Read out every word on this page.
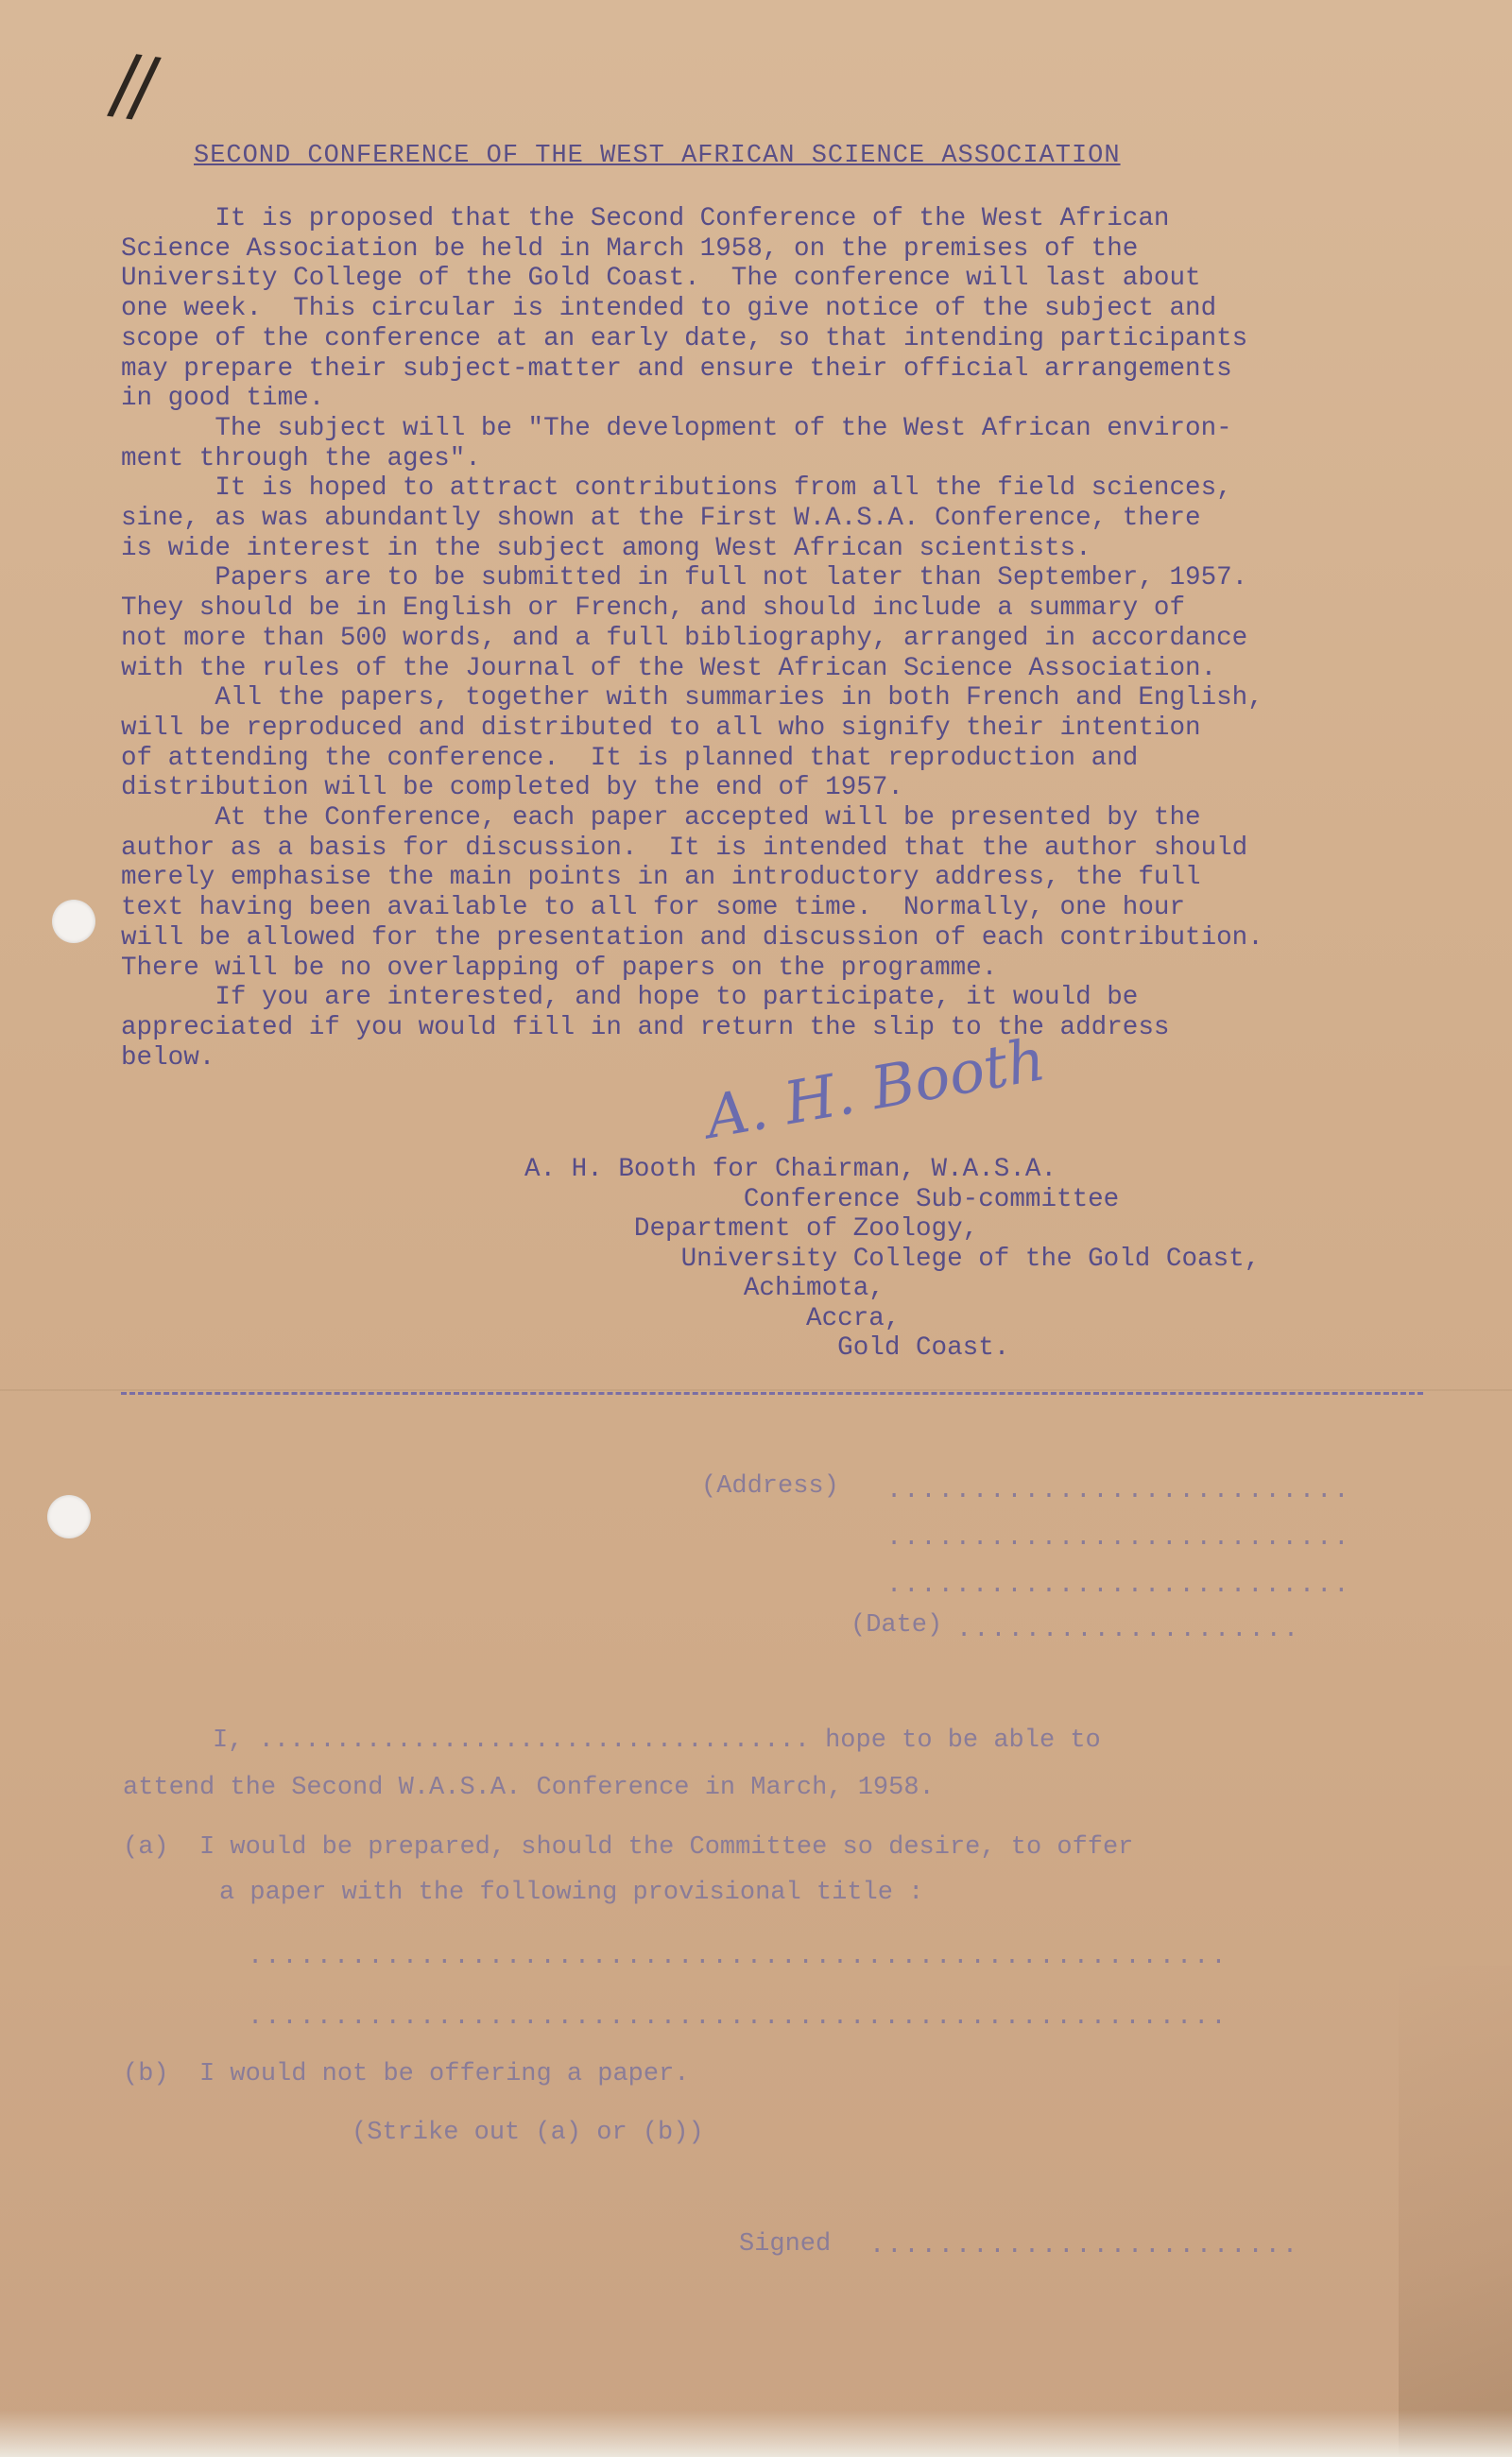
//
SECOND CONFERENCE OF THE WEST AFRICAN SCIENCE ASSOCIATION
It is proposed that the Second Conference of the West African
Science Association be held in March 1958, on the premises of the
University College of the Gold Coast.  The conference will last about
one week.  This circular is intended to give notice of the subject and
scope of the conference at an early date, so that intending participants
may prepare their subject-matter and ensure their official arrangements
in good time.
The subject will be "The development of the West African environ-
ment through the ages".
It is hoped to attract contributions from all the field sciences,
sine, as was abundantly shown at the First W.A.S.A. Conference, there
is wide interest in the subject among West African scientists.
Papers are to be submitted in full not later than September, 1957.
They should be in English or French, and should include a summary of
not more than 500 words, and a full bibliography, arranged in accordance
with the rules of the Journal of the West African Science Association.
All the papers, together with summaries in both French and English,
will be reproduced and distributed to all who signify their intention
of attending the conference.  It is planned that reproduction and
distribution will be completed by the end of 1957.
At the Conference, each paper accepted will be presented by the
author as a basis for discussion.  It is intended that the author should
merely emphasise the main points in an introductory address, the full
text having been available to all for some time.  Normally, one hour
will be allowed for the presentation and discussion of each contribution.
There will be no overlapping of papers on the programme.
If you are interested, and hope to participate, it would be
appreciated if you would fill in and return the slip to the address
below.	A. H. Booth
A. H. Booth for Chairman, W.A.S.A.
Conference Sub-committee
Department of Zoology,
University College of the Gold Coast,
Achimota,
Accra,
Gold Coast.
(Address) ...........................
...........................
...........................
(Date) ....................
I, .................................... hope to be able to
attend the Second W.A.S.A. Conference in March, 1958.
(a)  I would be prepared, should the Committee so desire, to offer
a paper with the following provisional title :
.........................................................
.........................................................
(b)  I would not be offering a paper.
(Strike out (a) or (b))
Signed .........................
